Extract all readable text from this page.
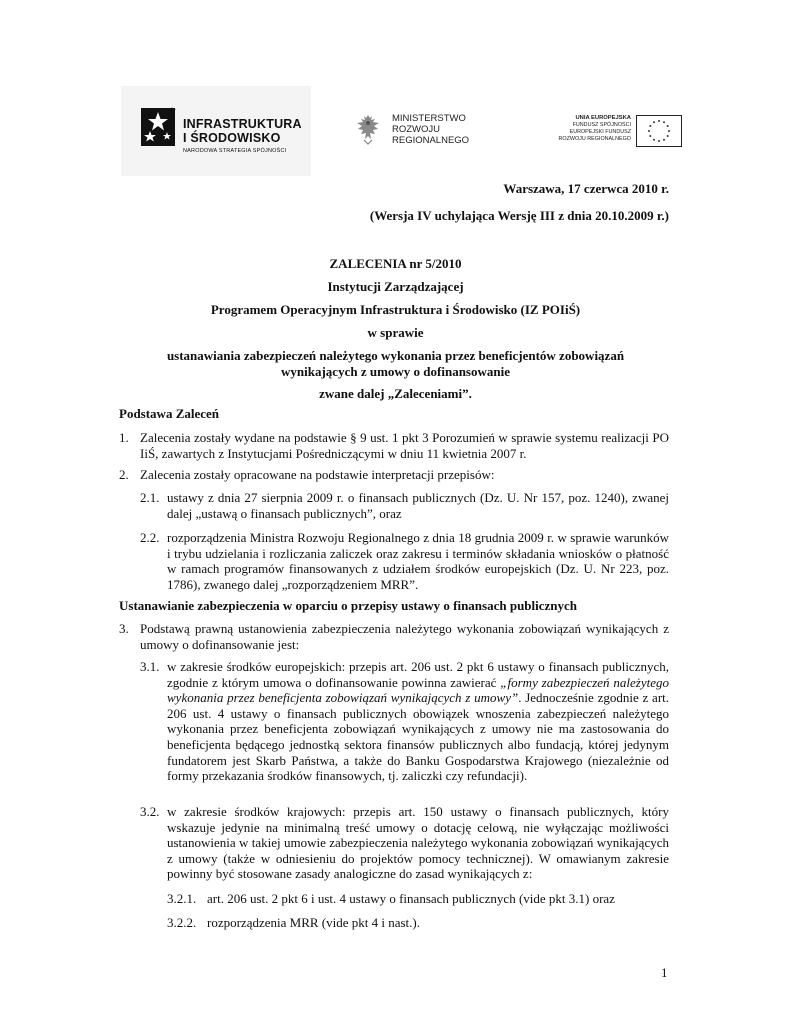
INFRASTRUKTURA
I ŚRODOWISKO
NARODOWA STRATEGIA SPÓJNOŚCI
MINISTERSTWO
ROZWOJU
REGIONALNEGO
UNIA EUROPEJSKA
FUNDUSZ SPÓJNOŚCI
EUROPEJSKI FUNDUSZ
ROZWOJU REGIONALNEGO
Warszawa, 17 czerwca 2010 r.
(Wersja IV uchylająca Wersję III z dnia 20.10.2009 r.)
ZALECENIA nr 5/2010
Instytucji Zarządzającej
Programem Operacyjnym Infrastruktura i Środowisko (IZ POIiŚ)
w sprawie
ustanawiania zabezpieczeń należytego wykonania przez beneficjentów zobowiązań
wynikających z umowy o dofinansowanie
zwane dalej „Zaleceniami”.
Podstawa Zaleceń
1. Zalecenia zostały wydane na podstawie § 9 ust. 1 pkt 3 Porozumień w sprawie systemu realizacji PO IiŚ, zawartych z Instytucjami Pośredniczącymi w dniu 11 kwietnia 2007 r.
2. Zalecenia zostały opracowane na podstawie interpretacji przepisów:
2.1. ustawy z dnia 27 sierpnia 2009 r. o finansach publicznych (Dz. U. Nr 157, poz. 1240), zwanej dalej „ustawą o finansach publicznych”, oraz
2.2. rozporządzenia Ministra Rozwoju Regionalnego z dnia 18 grudnia 2009 r. w sprawie warunków i trybu udzielania i rozliczania zaliczek oraz zakresu i terminów składania wniosków o płatność w ramach programów finansowanych z udziałem środków europejskich (Dz. U. Nr 223, poz. 1786), zwanego dalej „rozporządzeniem MRR”.
Ustanawianie zabezpieczenia w oparciu o przepisy ustawy o finansach publicznych
3. Podstawą prawną ustanowienia zabezpieczenia należytego wykonania zobowiązań wynikających z umowy o dofinansowanie jest:
3.1. w zakresie środków europejskich: przepis art. 206 ust. 2 pkt 6 ustawy o finansach publicznych, zgodnie z którym umowa o dofinansowanie powinna zawierać „formy zabezpieczeń należytego wykonania przez beneficjenta zobowiązań wynikających z umowy”. Jednocześnie zgodnie z art. 206 ust. 4 ustawy o finansach publicznych obowiązek wnoszenia zabezpieczeń należytego wykonania przez beneficjenta zobowiązań wynikających z umowy nie ma zastosowania do beneficjenta będącego jednostką sektora finansów publicznych albo fundacją, której jedynym fundatorem jest Skarb Państwa, a także do Banku Gospodarstwa Krajowego (niezależnie od formy przekazania środków finansowych, tj. zaliczki czy refundacji).
3.2. w zakresie środków krajowych: przepis art. 150 ustawy o finansach publicznych, który wskazuje jedynie na minimalną treść umowy o dotację celową, nie wyłączając możliwości ustanowienia w takiej umowie zabezpieczenia należytego wykonania zobowiązań wynikających z umowy (także w odniesieniu do projektów pomocy technicznej). W omawianym zakresie powinny być stosowane zasady analogiczne do zasad wynikających z:
3.2.1. art. 206 ust. 2 pkt 6 i ust. 4 ustawy o finansach publicznych (vide pkt 3.1) oraz
3.2.2. rozporządzenia MRR (vide pkt 4 i nast.).
1
